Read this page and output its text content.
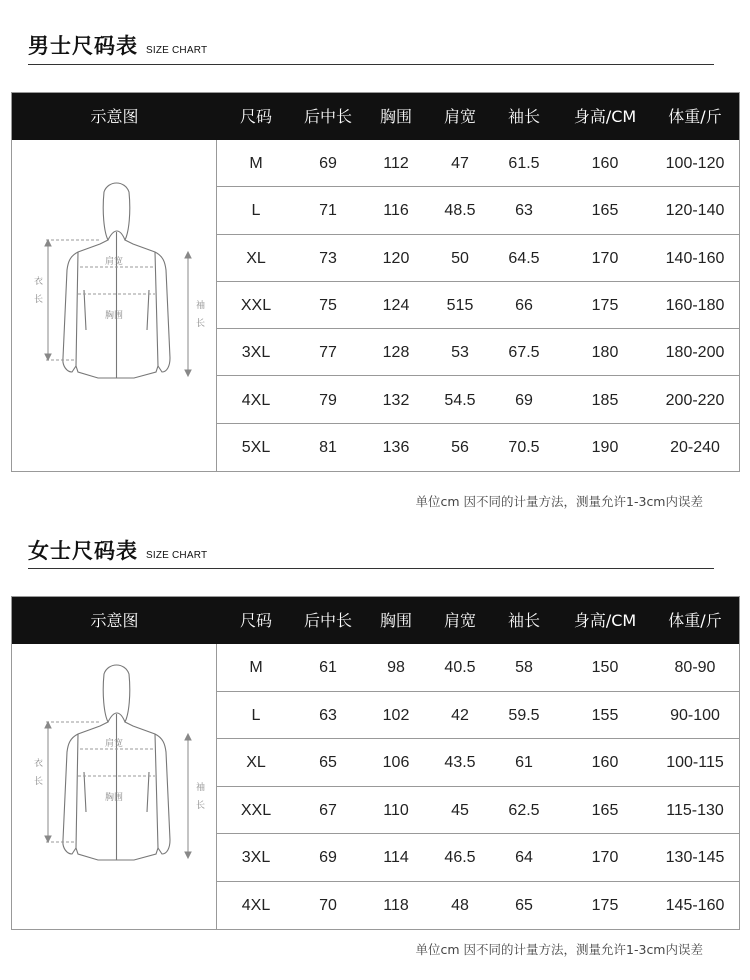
男士尺码表 SIZE CHART
示意图	尺码	后中长	胸围	肩宽	袖长	身高/CM	体重/斤
衣
长
肩宽
胸围
袖
长
M	69	112	47	61.5	160	100-120
L	71	116	48.5	63	165	120-140
XL	73	120	50	64.5	170	140-160
XXL	75	124	515	66	175	160-180
3XL	77	128	53	67.5	180	180-200
4XL	79	132	54.5	69	185	200-220
5XL	81	136	56	70.5	190	20-240
单位cm 因不同的计量方法，测量允许1-3cm内误差
女士尺码表 SIZE CHART
示意图	尺码	后中长	胸围	肩宽	袖长	身高/CM	体重/斤
衣
长
肩宽
胸围
袖
长
M	61	98	40.5	58	150	80-90
L	63	102	42	59.5	155	90-100
XL	65	106	43.5	61	160	100-115
XXL	67	110	45	62.5	165	115-130
3XL	69	114	46.5	64	170	130-145
4XL	70	118	48	65	175	145-160
单位cm 因不同的计量方法，测量允许1-3cm内误差
